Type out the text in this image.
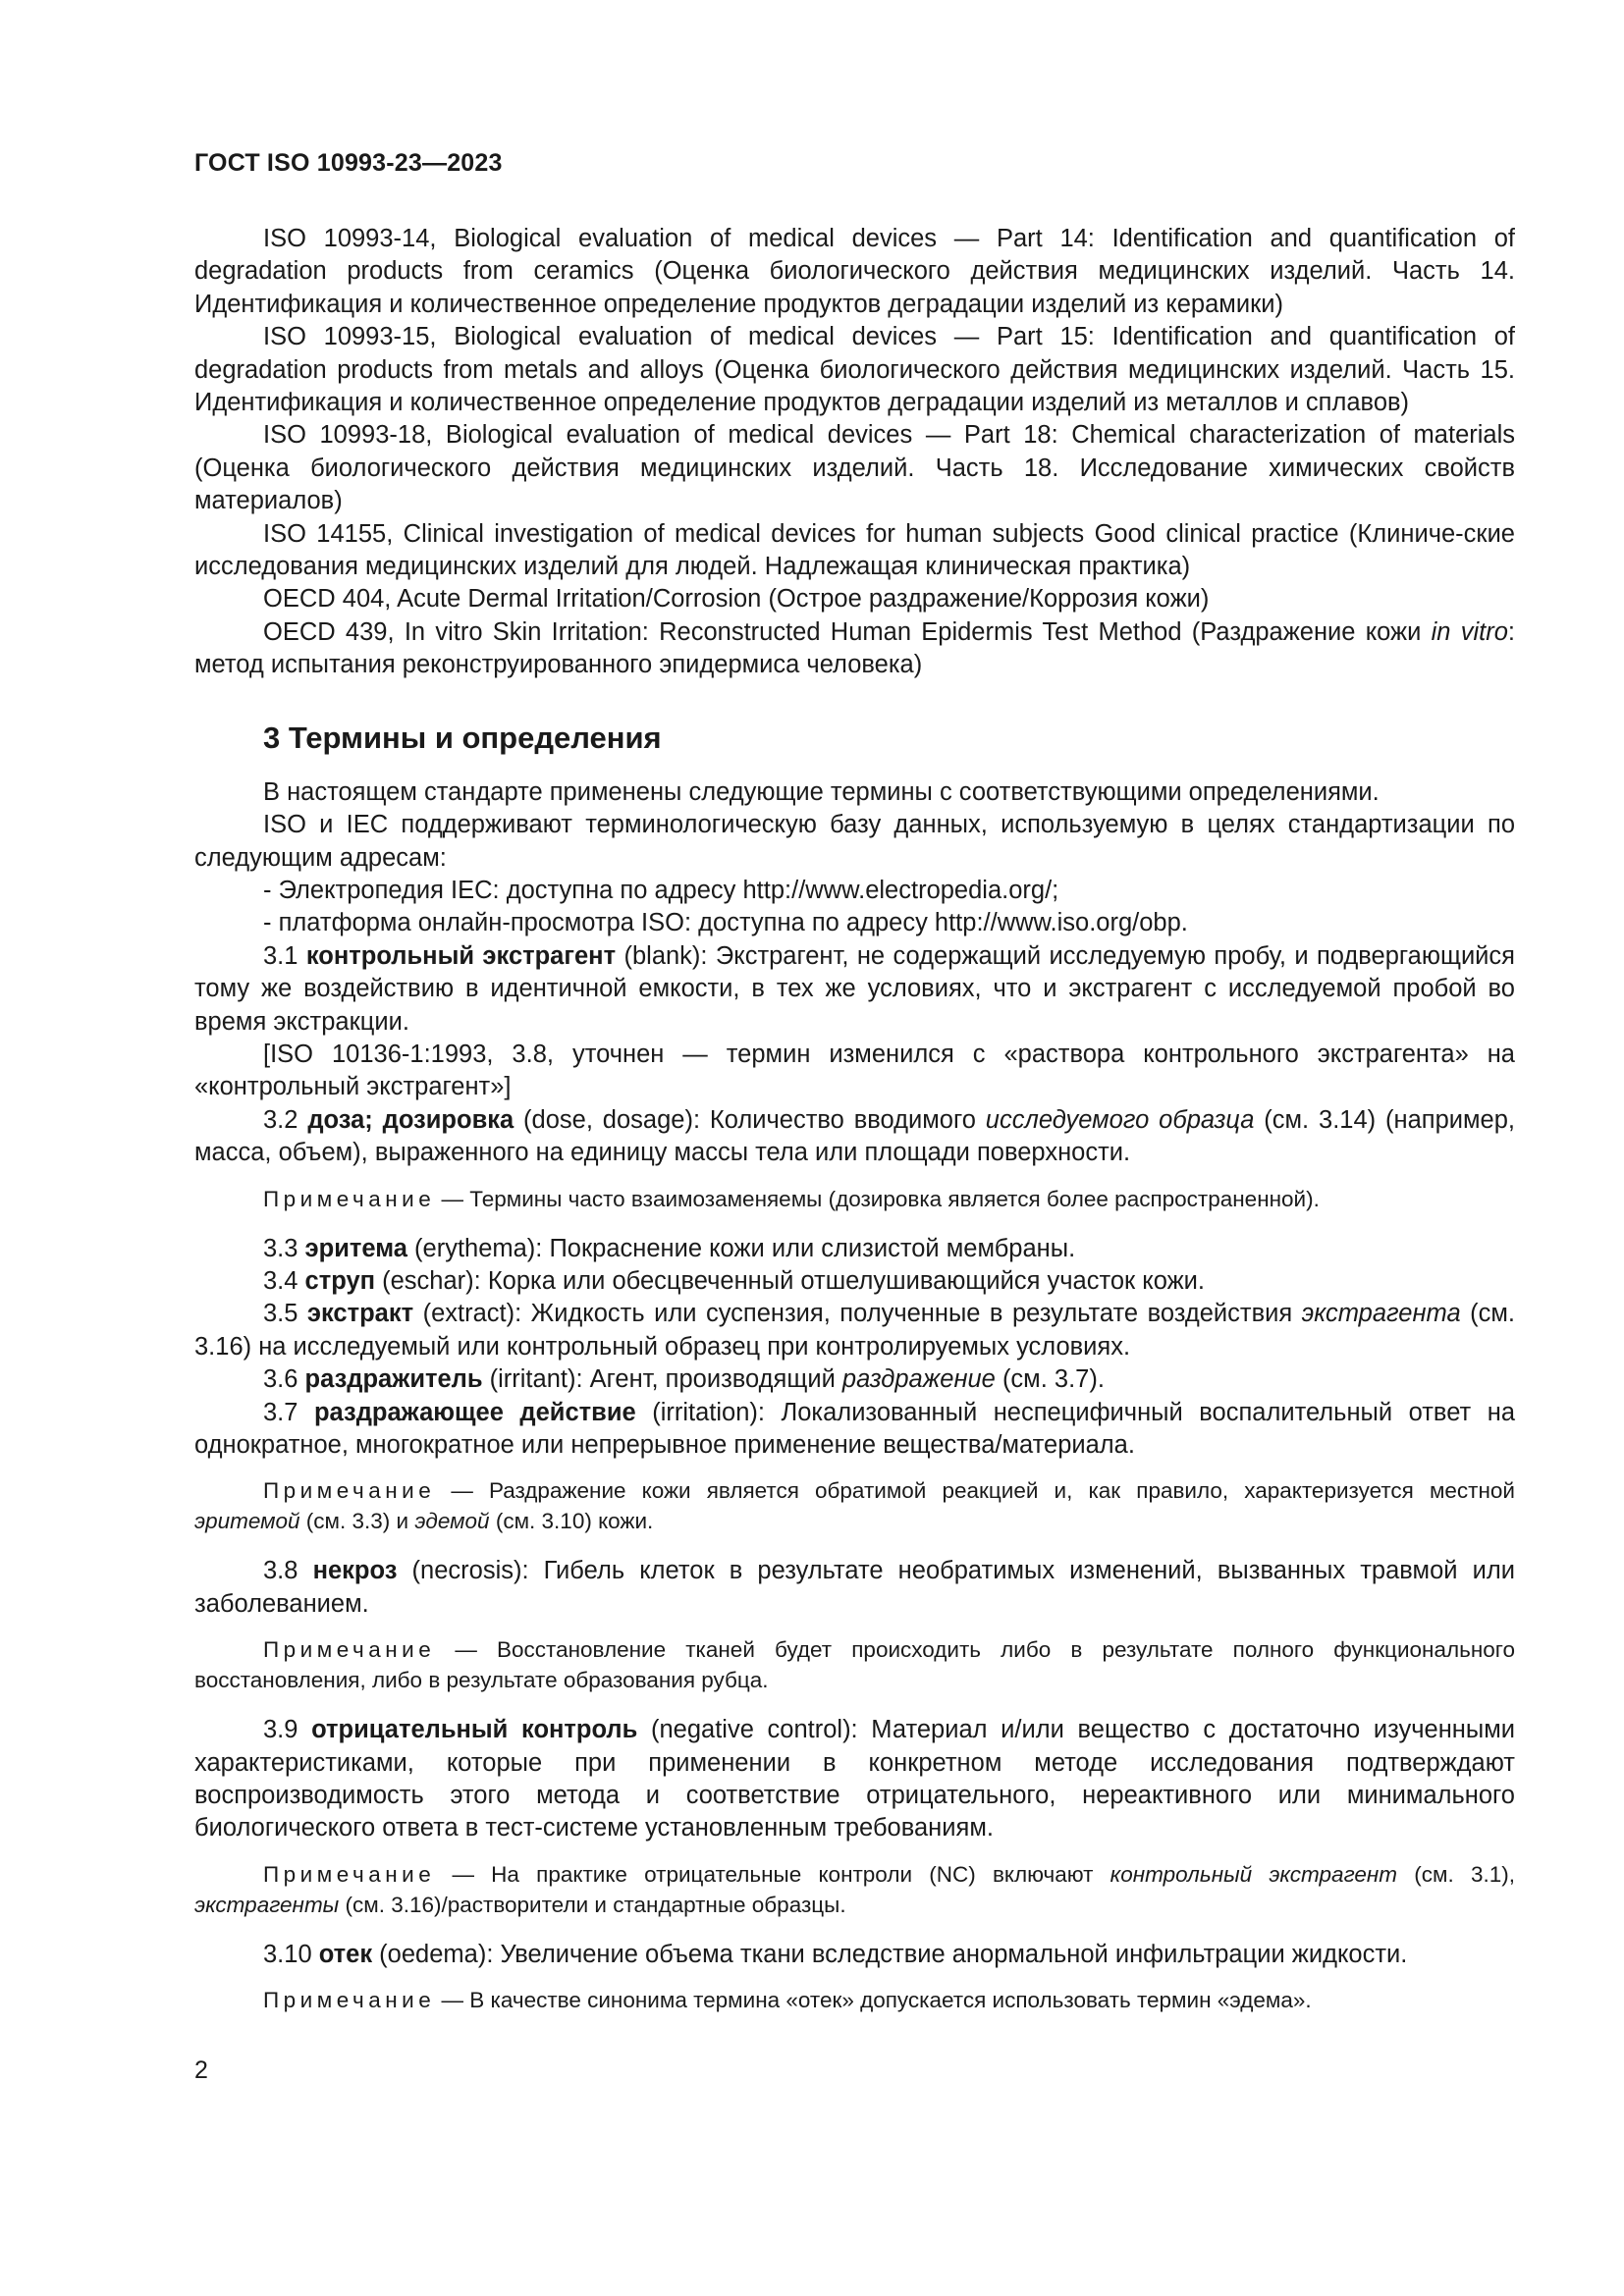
ГОСТ ISO 10993-23—2023

ISO 10993-14, Biological evaluation of medical devices — Part 14: Identification and quantification of degradation products from ceramics (Оценка биологического действия медицинских изделий. Часть 14. Идентификация и количественное определение продуктов деградации изделий из керамики)

ISO 10993-15, Biological evaluation of medical devices — Part 15: Identification and quantification of degradation products from metals and alloys (Оценка биологического действия медицинских изделий. Часть 15. Идентификация и количественное определение продуктов деградации изделий из металлов и сплавов)

ISO 10993-18, Biological evaluation of medical devices — Part 18: Chemical characterization of materials (Оценка биологического действия медицинских изделий. Часть 18. Исследование химических свойств материалов)

ISO 14155, Clinical investigation of medical devices for human subjects Good clinical practice (Клиниче-ские исследования медицинских изделий для людей. Надлежащая клиническая практика)

OECD 404, Acute Dermal Irritation/Corrosion (Острое раздражение/Коррозия кожи)

OECD 439, In vitro Skin Irritation: Reconstructed Human Epidermis Test Method (Раздражение кожи in vitro: метод испытания реконструированного эпидермиса человека)

3 Термины и определения

В настоящем стандарте применены следующие термины с соответствующими определениями.

ISO и IEC поддерживают терминологическую базу данных, используемую в целях стандартизации по следующим адресам:

- Электропедия IEC: доступна по адресу http://www.electropedia.org/;

- платформа онлайн-просмотра ISO: доступна по адресу http://www.iso.org/obp.

3.1 контрольный экстрагент (blank): Экстрагент, не содержащий исследуемую пробу, и подвергающийся тому же воздействию в идентичной емкости, в тех же условиях, что и экстрагент с исследуемой пробой во время экстракции.

[ISO 10136-1:1993, 3.8, уточнен — термин изменился с «раствора контрольного экстрагента» на «контрольный экстрагент»]

3.2 доза; дозировка (dose, dosage): Количество вводимого исследуемого образца (см. 3.14) (например, масса, объем), выраженного на единицу массы тела или площади поверхности.

Примечание — Термины часто взаимозаменяемы (дозировка является более распространенной).

3.3 эритема (erythema): Покраснение кожи или слизистой мембраны.

3.4 струп (eschar): Корка или обесцвеченный отшелушивающийся участок кожи.

3.5 экстракт (extract): Жидкость или суспензия, полученные в результате воздействия экстрагента (см. 3.16) на исследуемый или контрольный образец при контролируемых условиях.

3.6 раздражитель (irritant): Агент, производящий раздражение (см. 3.7).

3.7 раздражающее действие (irritation): Локализованный неспецифичный воспалительный ответ на однократное, многократное или непрерывное применение вещества/материала.

Примечание — Раздражение кожи является обратимой реакцией и, как правило, характеризуется местной эритемой (см. 3.3) и эдемой (см. 3.10) кожи.

3.8 некроз (necrosis): Гибель клеток в результате необратимых изменений, вызванных травмой или заболеванием.

Примечание — Восстановление тканей будет происходить либо в результате полного функционального восстановления, либо в результате образования рубца.

3.9 отрицательный контроль (negative control): Материал и/или вещество с достаточно изученными характеристиками, которые при применении в конкретном методе исследования подтверждают воспроизводимость этого метода и соответствие отрицательного, нереактивного или минимального биологического ответа в тест-системе установленным требованиям.

Примечание — На практике отрицательные контроли (NC) включают контрольный экстрагент (см. 3.1), экстрагенты (см. 3.16)/растворители и стандартные образцы.

3.10 отек (oedema): Увеличение объема ткани вследствие анормальной инфильтрации жидкости.

Примечание — В качестве синонима термина «отек» допускается использовать термин «эдема».

2
